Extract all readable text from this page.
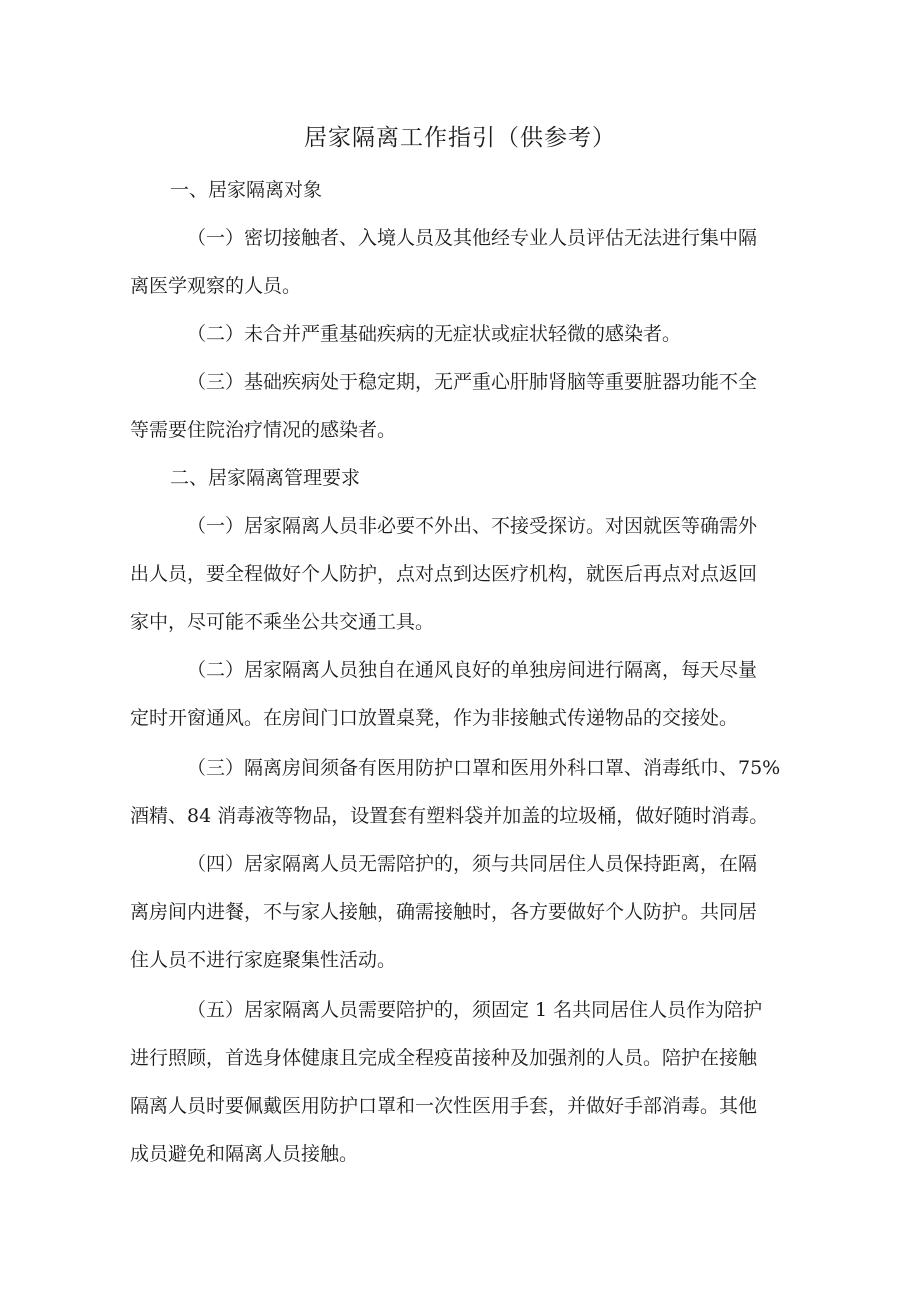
居家隔离工作指引（供参考）
一、居家隔离对象

（一）密切接触者、入境人员及其他经专业人员评估无法进行集中隔
离医学观察的人员。

（二）未合并严重基础疾病的无症状或症状轻微的感染者。

（三）基础疾病处于稳定期，无严重心肝肺肾脑等重要脏器功能不全
等需要住院治疗情况的感染者。

二、居家隔离管理要求

（一）居家隔离人员非必要不外出、不接受探访。对因就医等确需外
出人员，要全程做好个人防护，点对点到达医疗机构，就医后再点对点返回
家中，尽可能不乘坐公共交通工具。

（二）居家隔离人员独自在通风良好的单独房间进行隔离，每天尽量
定时开窗通风。在房间门口放置桌凳，作为非接触式传递物品的交接处。

（三）隔离房间须备有医用防护口罩和医用外科口罩、消毒纸巾、75%
酒精、84 消毒液等物品，设置套有塑料袋并加盖的垃圾桶，做好随时消毒。

（四）居家隔离人员无需陪护的，须与共同居住人员保持距离，在隔
离房间内进餐，不与家人接触，确需接触时，各方要做好个人防护。共同居
住人员不进行家庭聚集性活动。

（五）居家隔离人员需要陪护的，须固定 1 名共同居住人员作为陪护
进行照顾，首选身体健康且完成全程疫苗接种及加强剂的人员。陪护在接触
隔离人员时要佩戴医用防护口罩和一次性医用手套，并做好手部消毒。其他
成员避免和隔离人员接触。
